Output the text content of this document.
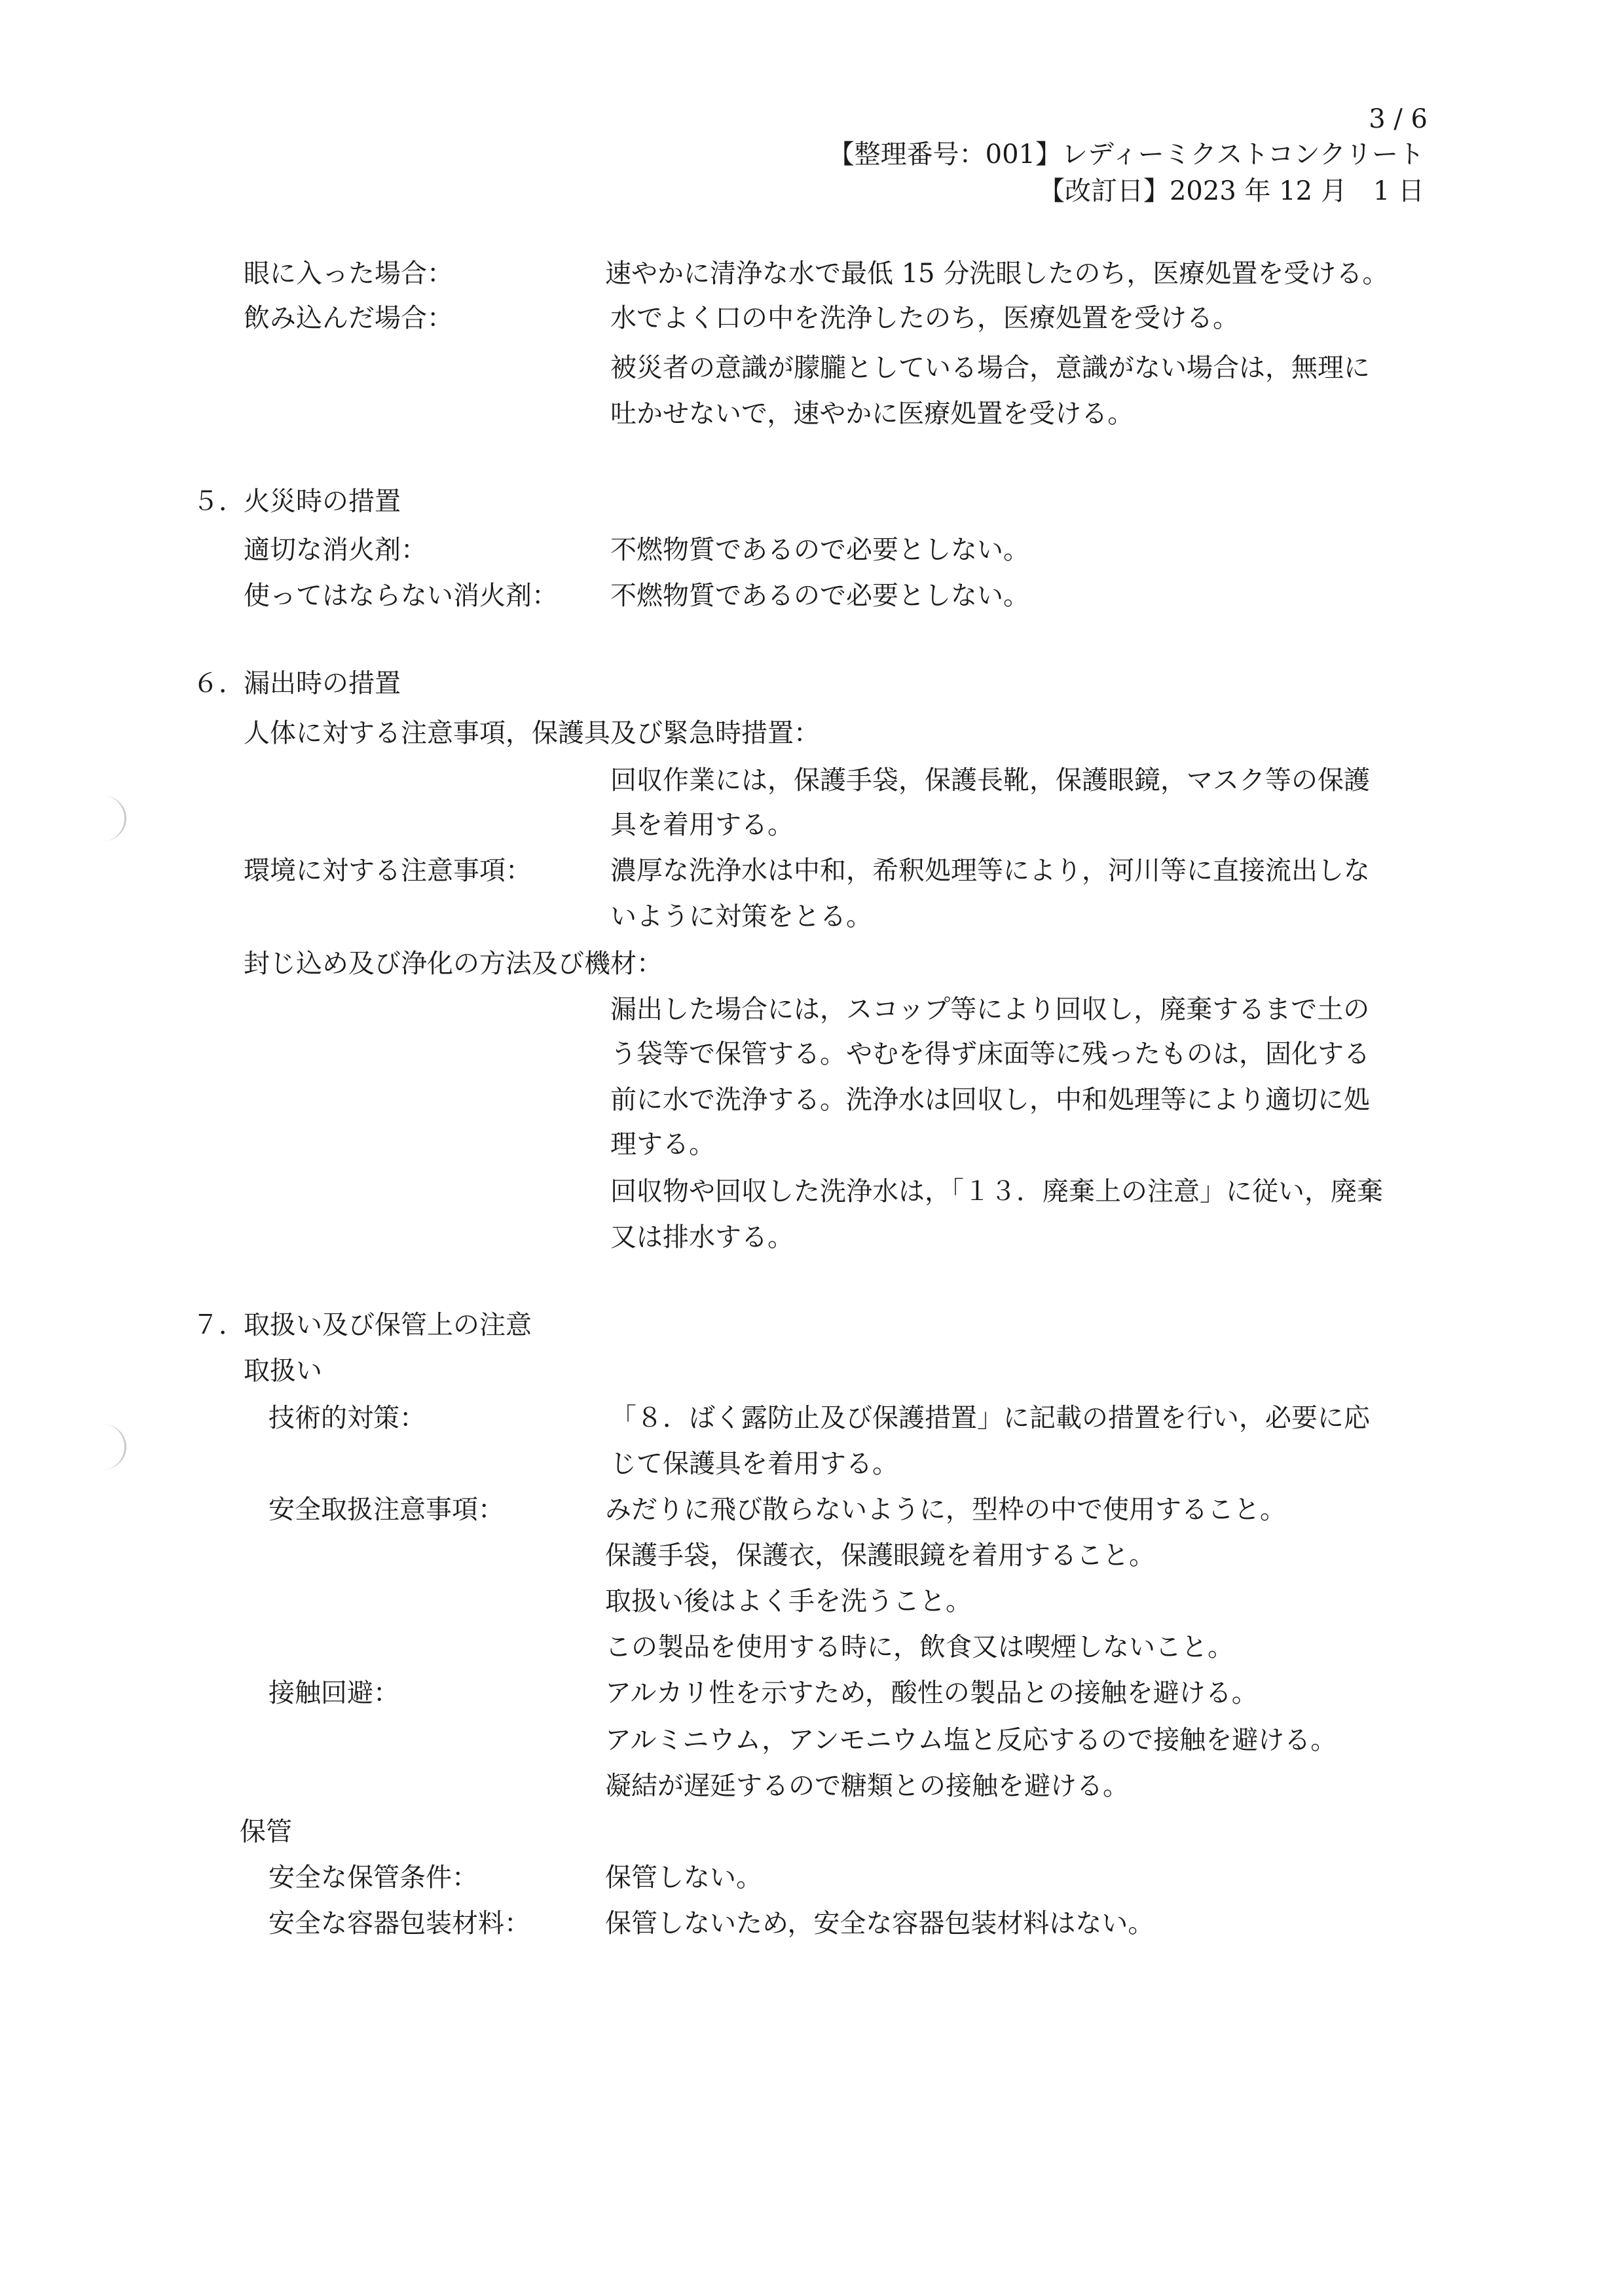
3 / 6
【整理番号：001】レディーミクストコンクリート
【改訂日】2023 年 12 月　1 日
眼に入った場合：	速やかに清浄な水で最低 15 分洗眼したのち，医療処置を受ける。
飲み込んだ場合：	水でよく口の中を洗浄したのち，医療処置を受ける。
被災者の意識が朦朧としている場合，意識がない場合は，無理に
吐かせないで，速やかに医療処置を受ける。
５．
火災時の措置
適切な消火剤：	不燃物質であるので必要としない。
使ってはならない消火剤： 不燃物質であるので必要としない。
６．
漏出時の措置
人体に対する注意事項，保護具及び緊急時措置：
回収作業には，保護手袋，保護長靴，保護眼鏡，マスク等の保護
具を着用する。
環境に対する注意事項：	濃厚な洗浄水は中和，希釈処理等により，河川等に直接流出しな
いように対策をとる。
封じ込め及び浄化の方法及び機材：
漏出した場合には，スコップ等により回収し，廃棄するまで土の
う袋等で保管する。やむを得ず床面等に残ったものは，固化する
前に水で洗浄する。洗浄水は回収し，中和処理等により適切に処
理する。
回収物や回収した洗浄水は，「１３．廃棄上の注意」に従い，廃棄
又は排水する。
７．
取扱い及び保管上の注意
取扱い
技術的対策：	「８．ばく露防止及び保護措置」に記載の措置を行い，必要に応
じて保護具を着用する。
安全取扱注意事項：	みだりに飛び散らないように，型枠の中で使用すること。
保護手袋，保護衣，保護眼鏡を着用すること。
取扱い後はよく手を洗うこと。
この製品を使用する時に，飲食又は喫煙しないこと。
接触回避：	アルカリ性を示すため，酸性の製品との接触を避ける。
アルミニウム，アンモニウム塩と反応するので接触を避ける。
凝結が遅延するので糖類との接触を避ける。
保管
安全な保管条件：	保管しない。
安全な容器包装材料：	保管しないため，安全な容器包装材料はない。
